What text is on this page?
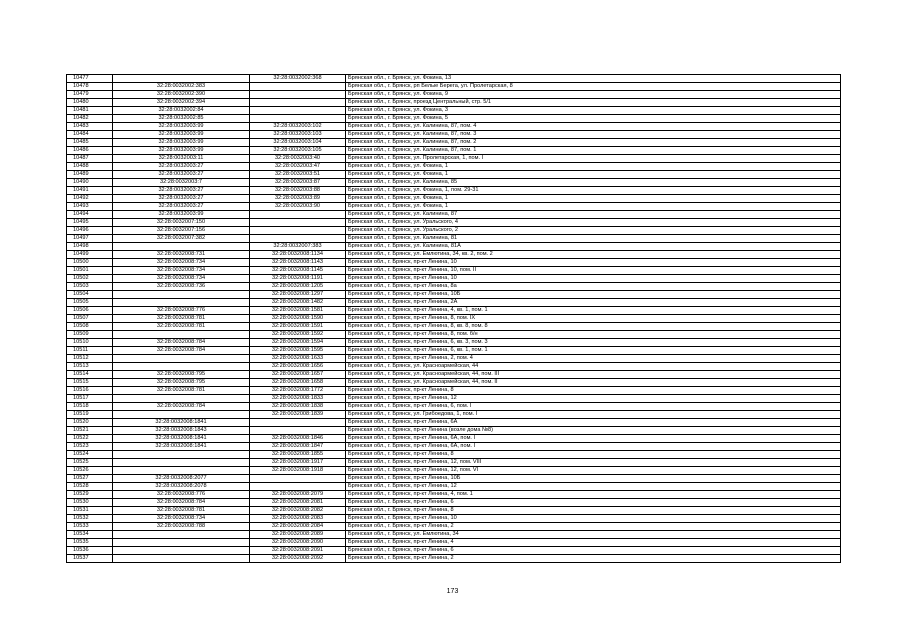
10477		32:28:0032002:368	Брянская обл., г. Брянск, ул. Фокина, 13
10478	32:28:0032002:383		Брянская обл., г. Брянск, рп Белые Берега, ул. Пролетарская, 8
10479	32:28:0032002:390		Брянская обл., г. Брянск, ул. Фокина, 9
10480	32:28:0032002:394		Брянская обл., г. Брянск, проезд Центральный, стр. 5/1
10481	32:28:0032002:84		Брянская обл., г. Брянск, ул. Фокина, 3
10482	32:28:0032002:85		Брянская обл., г. Брянск, ул. Фокина, 5
10483	32:28:0032003:99	32:28:0032003:102	Брянская обл., г. Брянск, ул. Калинина, 87, пом. 4
10484	32:28:0032003:99	32:28:0032003:103	Брянская обл., г. Брянск, ул. Калинина, 87, пом. 3
10485	32:28:0032003:99	32:28:0032003:104	Брянская обл., г. Брянск, ул. Калинина, 87, пом. 2
10486	32:28:0032003:99	32:28:0032003:105	Брянская обл., г. Брянск, ул. Калинина, 87, пом. 1
10487	32:28:0032003:11	32:28:0032003:40	Брянская обл., г. Брянск, ул. Пролетарская, 1, пом. I
10488	32:28:0032003:27	32:28:0032003:47	Брянская обл., г. Брянск, ул. Фокина, 1
10489	32:28:0032003:27	32:28:0032003:51	Брянская обл., г. Брянск, ул. Фокина, 1
10490	32:28:0032003:7	32:28:0032003:87	Брянская обл., г. Брянск, ул. Калинина, 85
10491	32:28:0032003:27	32:28:0032003:88	Брянская обл., г. Брянск, ул. Фокина, 1, пом. 29-31
10492	32:28:0032003:27	32:28:0032003:89	Брянская обл., г. Брянск, ул. Фокина, 1
10493	32:28:0032003:27	32:28:0032003:90	Брянская обл., г. Брянск, ул. Фокина, 1
10494	32:28:0032003:99		Брянская обл., г. Брянск, ул. Калинина, 87
10495	32:28:0032007:150		Брянская обл., г. Брянск, ул. Уральского, 4
10496	32:28:0032007:156		Брянская обл., г. Брянск, ул. Уральского, 2
10497	32:28:0032007:382		Брянская обл., г. Брянск, ул. Калинина, 81
10498		32:28:0032007:383	Брянская обл., г. Брянск, ул. Калинина, 81А
10499	32:28:0032008:731	32:28:0032008:1134	Брянская обл., г. Брянск, ул. Емлютина, 34, кв. 2, пом. 2
10500	32:28:0032008:734	32:28:0032008:1143	Брянская обл., г. Брянск, пр-кт Ленина, 10
10501	32:28:0032008:734	32:28:0032008:1145	Брянская обл., г. Брянск, пр-кт Ленина, 10, пом. II
10502	32:28:0032008:734	32:28:0032008:1191	Брянская обл., г. Брянск, пр-кт Ленина, 10
10503	32:28:0032008:736	32:28:0032008:1205	Брянская обл., г. Брянск, пр-кт Ленина, 8а
10504		32:28:0032008:1297	Брянская обл., г. Брянск, пр-кт Ленина, 10Б
10505		32:28:0032008:1482	Брянская обл., г. Брянск, пр-кт Ленина, 2А
10506	32:28:0032008:776	32:28:0032008:1581	Брянская обл., г. Брянск, пр-кт Ленина, 4, кв. 1, пом. 1
10507	32:28:0032008:781	32:28:0032008:1590	Брянская обл., г. Брянск, пр-кт Ленина, 8, пом. IX
10508	32:28:0032008:781	32:28:0032008:1591	Брянская обл., г. Брянск, пр-кт Ленина, 8, кв. 8, пом. 8
10509		32:28:0032008:1592	Брянская обл., г. Брянск, пр-кт Ленина, 8, пом. б/н
10510	32:28:0032008:784	32:28:0032008:1594	Брянская обл., г. Брянск, пр-кт Ленина, 6, кв. 3, пом. 3
10511	32:28:0032008:784	32:28:0032008:1595	Брянская обл., г. Брянск, пр-кт Ленина, 6, кв. 1, пом. 1
10512		32:28:0032008:1633	Брянская обл., г. Брянск, пр-кт Ленина, 2, пом. 4
10513		32:28:0032008:1656	Брянская обл., г. Брянск, ул. Красноармейская, 44
10514	32:28:0032008:795	32:28:0032008:1657	Брянская обл., г. Брянск, ул. Красноармейская, 44, пом. III
10515	32:28:0032008:795	32:28:0032008:1658	Брянская обл., г. Брянск, ул. Красноармейская, 44, пом. II
10516	32:28:0032008:781	32:28:0032008:1772	Брянская обл., г. Брянск, пр-кт Ленина, 8
10517		32:28:0032008:1833	Брянская обл., г. Брянск, пр-кт Ленина, 12
10518	32:28:0032008:784	32:28:0032008:1838	Брянская обл., г. Брянск, пр-кт Ленина, 6, пом. I
10519		32:28:0032008:1839	Брянская обл., г. Брянск, ул. Грибоедова, 1, пом. I
10520	32:28:0032008:1841		Брянская обл., г. Брянск, пр-кт Ленина, 6А
10521	32:28:0032008:1843		Брянская обл., г. Брянск, пр-кт Ленина (возле дома №8)
10522	32:28:0032008:1841	32:28:0032008:1846	Брянская обл., г. Брянск, пр-кт Ленина, 6А, пом. I
10523	32:28:0032008:1841	32:28:0032008:1847	Брянская обл., г. Брянск, пр-кт Ленина, 6А, пом. I
10524		32:28:0032008:1855	Брянская обл., г. Брянск, пр-кт Ленина, 8
10525		32:28:0032008:1917	Брянская обл., г. Брянск, пр-кт Ленина, 12, пом. VIII
10526		32:28:0032008:1918	Брянская обл., г. Брянск, пр-кт Ленина, 12, пом. VI
10527	32:28:0032008:2077		Брянская обл., г. Брянск, пр-кт Ленина, 10Б
10528	32:28:0032008:2078		Брянская обл., г. Брянск, пр-кт Ленина, 12
10529	32:28:0032008:776	32:28:0032008:2079	Брянская обл., г. Брянск, пр-кт Ленина, 4, пом. 1
10530	32:28:0032008:784	32:28:0032008:2081	Брянская обл., г. Брянск, пр-кт Ленина, 6
10531	32:28:0032008:781	32:28:0032008:2082	Брянская обл., г. Брянск, пр-кт Ленина, 8
10532	32:28:0032008:734	32:28:0032008:2083	Брянская обл., г. Брянск, пр-кт Ленина, 10
10533	32:28:0032008:788	32:28:0032008:2084	Брянская обл., г. Брянск, пр-кт Ленина, 2
10534		32:28:0032008:2089	Брянская обл., г. Брянск, ул. Емлютина, 34
10535		32:28:0032008:2090	Брянская обл., г. Брянск, пр-кт Ленина, 4
10536		32:28:0032008:2091	Брянская обл., г. Брянск, пр-кт Ленина, 6
10537		32:28:0032008:2092	Брянская обл., г. Брянск, пр-кт Ленина, 2
173
